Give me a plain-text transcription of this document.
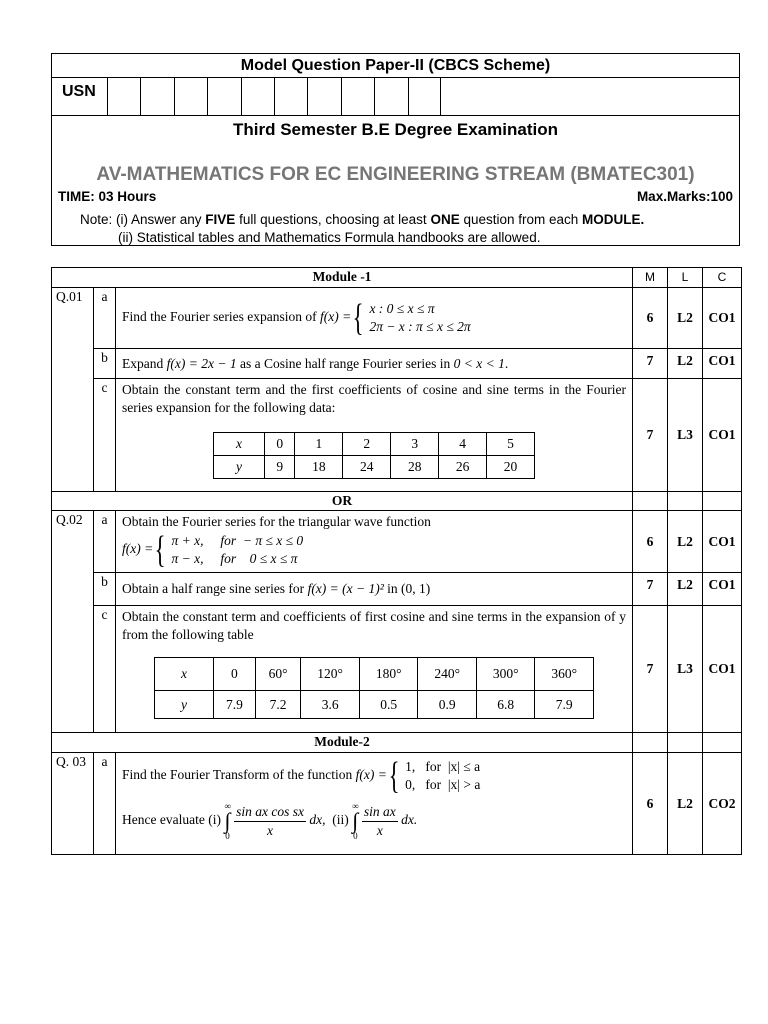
Model Question Paper-II (CBCS Scheme)
USN
Third Semester B.E Degree Examination
AV-MATHEMATICS FOR EC ENGINEERING STREAM (BMATEC301)
TIME: 03 Hours	Max.Marks:100
Note: (i) Answer any FIVE full questions, choosing at least ONE question from each MODULE.
(ii) Statistical tables and Mathematics Formula handbooks are allowed.
Module -1	M	L	C
Q.01	a	Find the Fourier series expansion of f(x) ={ x : 0 ≤ x ≤ π
2π − x : π ≤ x ≤ 2π
	6	L2	CO1
b	Expand f(x) = 2x − 1 as a Cosine half range Fourier series in 0 < x < 1.	7	L2	CO1
c	Obtain the constant term and the first coefficients of cosine and sine terms in the Fourier series expansion for the following data:
x	0	1	2	3	4	5
y	9	18	24	28	26	20
	7	L3	CO1
OR			
Q.02	a	Obtain the Fourier series for the triangular wave function
f(x) ={ π + x,     for  − π ≤ x ≤ 0
π − x,     for    0 ≤ x ≤ π
	6	L2	CO1
b	Obtain a half range sine series for f(x) = (x − 1)² in (0, 1)	7	L2	CO1
c	Obtain the constant term and coefficients of first cosine and sine terms in the expansion of y from the following table
x	0	60°	120°	180°	240°	300°	360°
y	7.9	7.2	3.6	0.5	0.9	6.8	7.9
	7	L3	CO1
Module-2			
Q. 03	a	
Find the Fourier Transform of the function f(x) ={ 1,   for  |x| ≤ a
0,   for  |x| > a
Hence evaluate (i) ∞
∫
$0 \frac{\text{sin ax cos sx}}{x}$ dx, (ii) ∞
∫
$0 \frac{\text{sin ax}}{x}$ dx.
	6	L2	CO2
